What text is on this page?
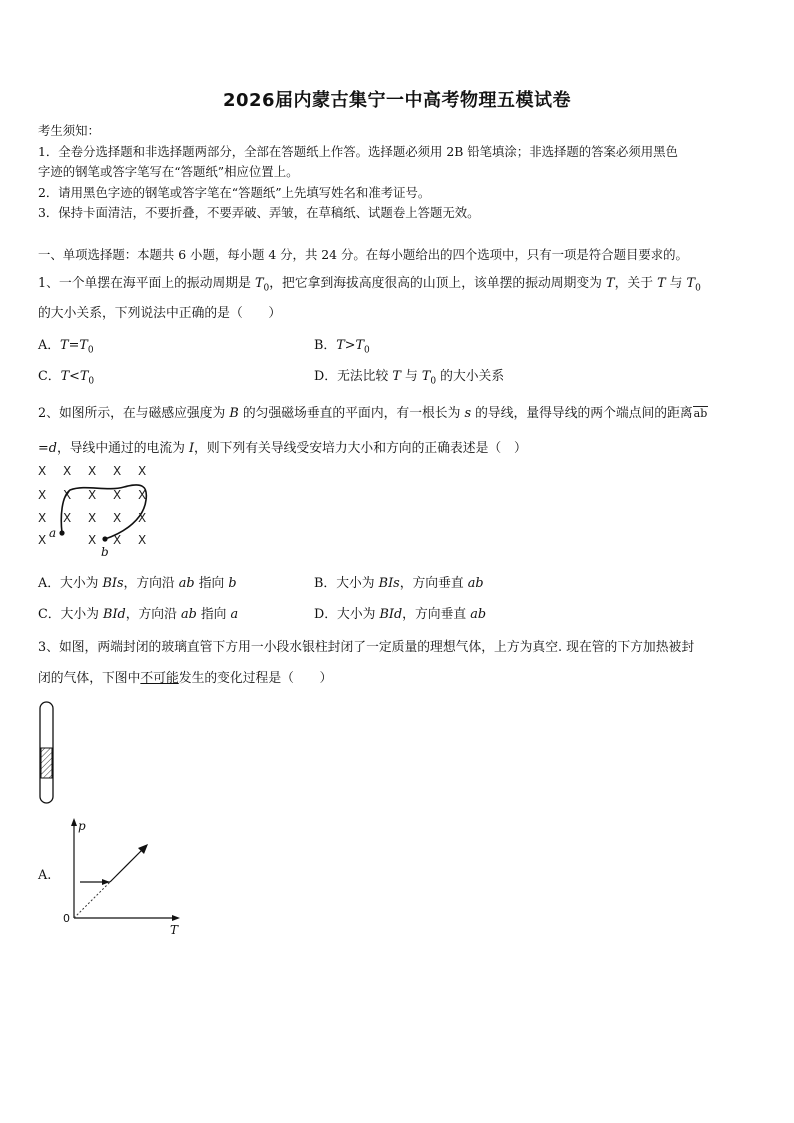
2026届内蒙古集宁一中高考物理五模试卷
考生须知：
1．全卷分选择题和非选择题两部分，全部在答题纸上作答。选择题必须用 2B 铅笔填涂；非选择题的答案必须用黑色
字迹的钢笔或答字笔写在“答题纸”相应位置上。
2．请用黑色字迹的钢笔或答字笔在“答题纸”上先填写姓名和准考证号。
3．保持卡面清洁，不要折叠，不要弄破、弄皱，在草稿纸、试题卷上答题无效。
一、单项选择题：本题共 6 小题，每小题 4 分，共 24 分。在每小题给出的四个选项中，只有一项是符合题目要求的。
1、一个单摆在海平面上的振动周期是 $T_0$，把它拿到海拔高度很高的山顶上，该单摆的振动周期变为 T，关于 T 与 $T_0$
的大小关系，下列说法中正确的是（　　）
A．$T=T_0$	B．$T>T_0$
C．$T<T_0$	D．无法比较 T 与 $T_0$ 的大小关系
2、如图所示，在与磁感应强度为 B 的匀强磁场垂直的平面内，有一根长为 s 的导线，量得导线的两个端点间的距离ab
=d，导线中通过的电流为 I，则下列有关导线受安培力大小和方向的正确表述是（　）
X X X X X
X X X X X
X X X X X
X	X X X
a
b
A．大小为 BIs，方向沿 ab 指向 b	B．大小为 BIs，方向垂直 ab
C．大小为 BId，方向沿 ab 指向 a	D．大小为 BId，方向垂直 ab
3、如图，两端封闭的玻璃直管下方用一小段水银柱封闭了一定质量的理想气体，上方为真空. 现在管的下方加热被封
闭的气体，下图中不可能发生的变化过程是（　　）
A.
p
T
0
